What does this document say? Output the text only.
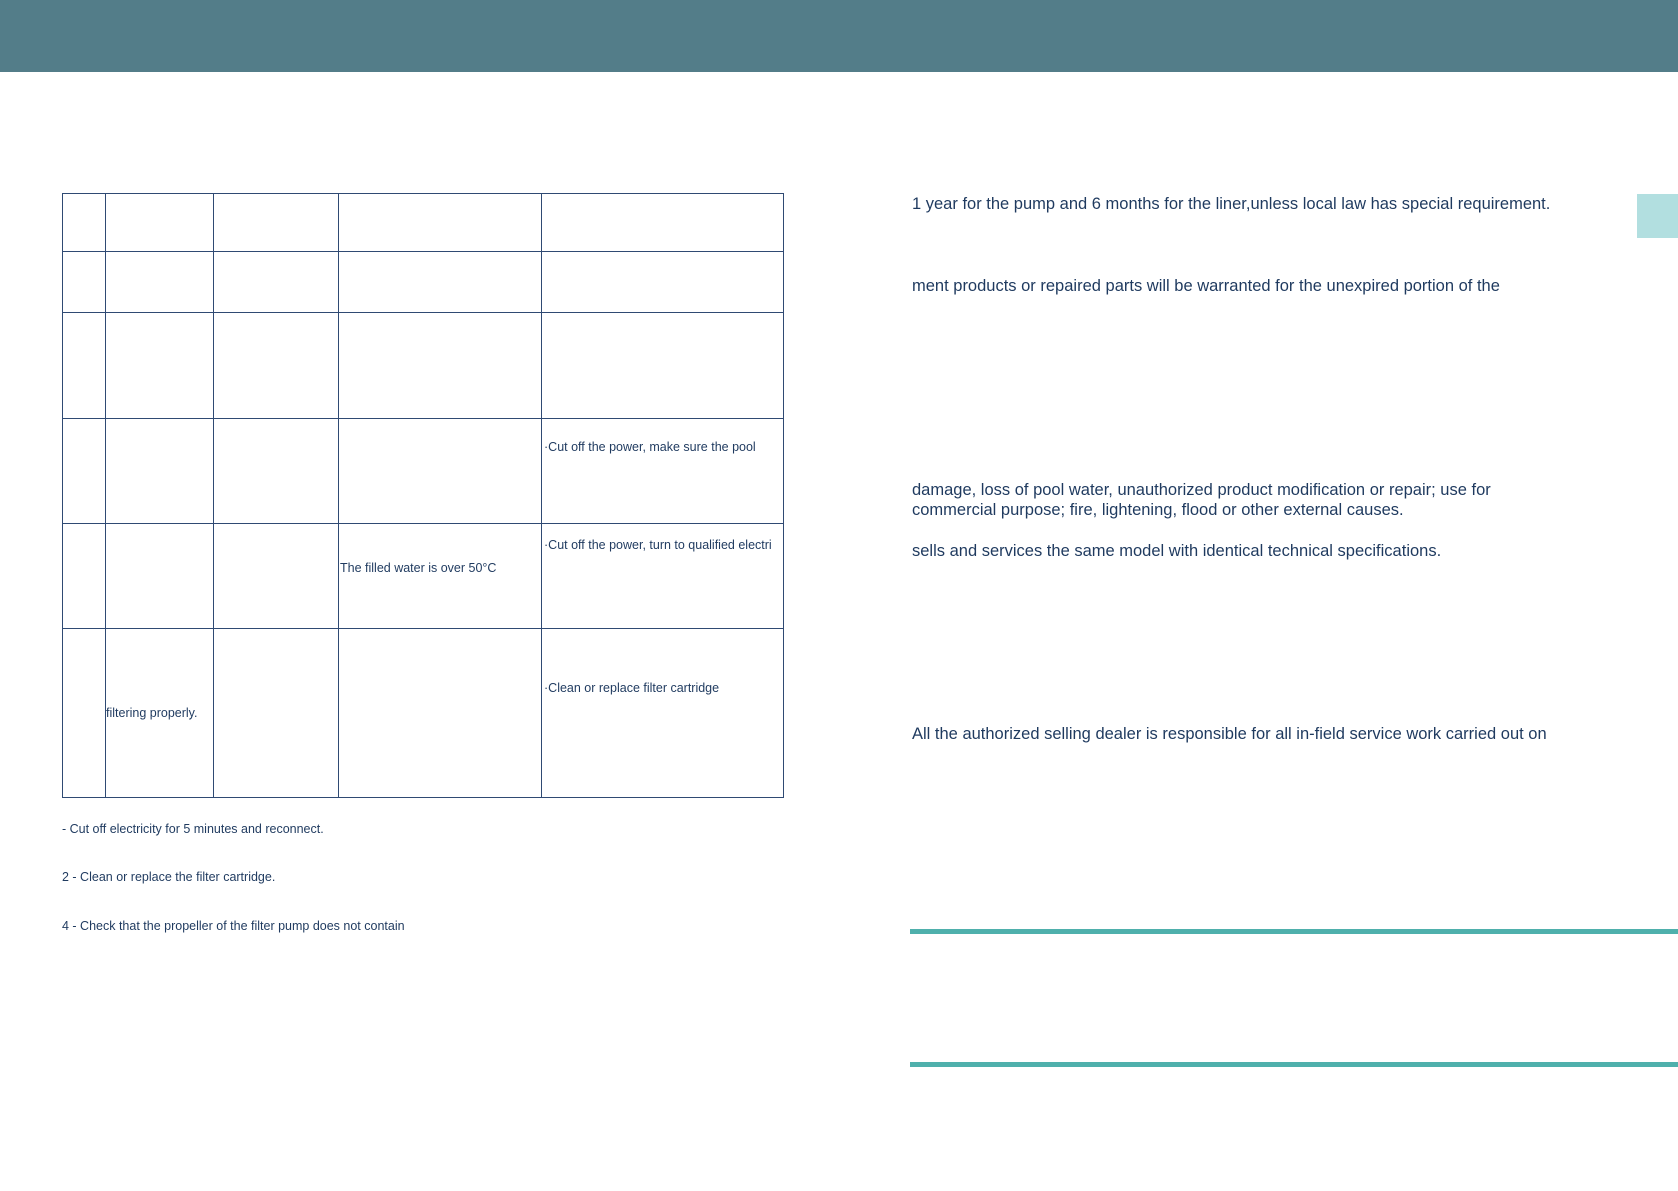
				·Cut off the power, make sure the pool

			The filled water is over 50°C	·Cut off the power, turn to qualified electri

	filtering properly.			·Clean or replace filter cartridge
- Cut off electricity for 5 minutes and reconnect.
2 - Clean or replace the filter cartridge.
4 - Check that the propeller of the filter pump does not contain
1 year for the pump and 6 months for the liner,unless local law has special requirement.
ment products or repaired parts will be warranted for the unexpired portion of the
damage, loss of pool water, unauthorized product modification or repair; use for
commercial purpose; fire, lightening, flood or other external causes.
sells and services the same model with identical technical specifications.
All the authorized selling dealer is responsible for all in-field service work carried out on
